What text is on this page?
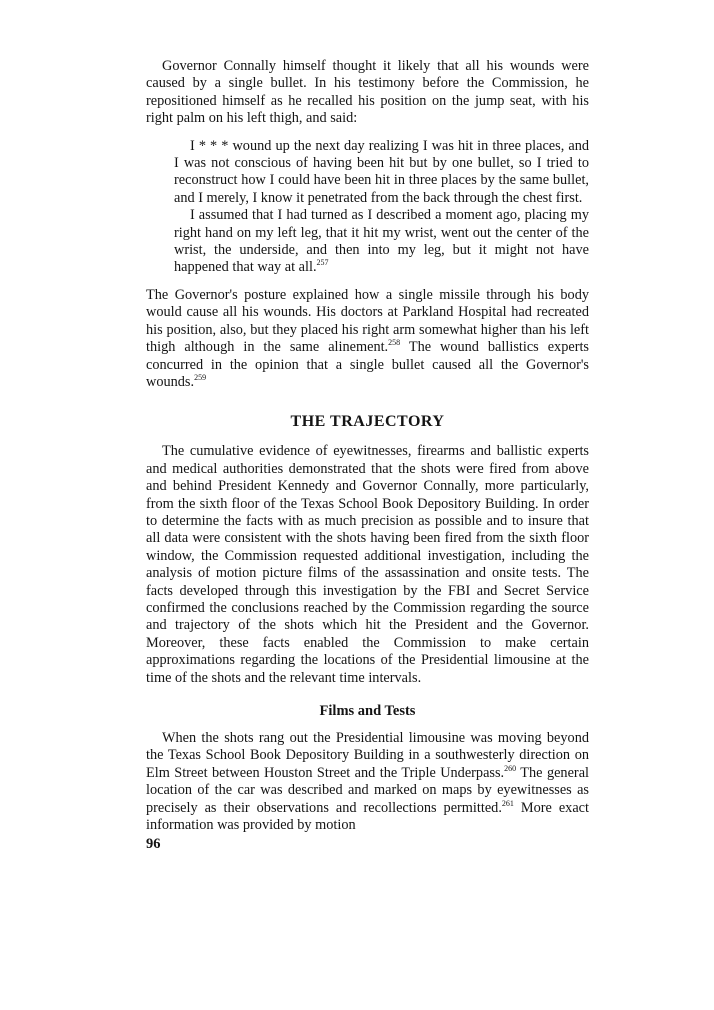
Governor Connally himself thought it likely that all his wounds were caused by a single bullet. In his testimony before the Commission, he repositioned himself as he recalled his position on the jump seat, with his right palm on his left thigh, and said:

I * * * wound up the next day realizing I was hit in three places, and I was not conscious of having been hit but by one bullet, so I tried to reconstruct how I could have been hit in three places by the same bullet, and I merely, I know it penetrated from the back through the chest first.

I assumed that I had turned as I described a moment ago, placing my right hand on my left leg, that it hit my wrist, went out the center of the wrist, the underside, and then into my leg, but it might not have happened that way at all.$^{257}$

The Governor's posture explained how a single missile through his body would cause all his wounds. His doctors at Parkland Hospital had recreated his position, also, but they placed his right arm somewhat higher than his left thigh although in the same alinement.$^{258}$ The wound ballistics experts concurred in the opinion that a single bullet caused all the Governor's wounds.$^{259}$

THE TRAJECTORY

The cumulative evidence of eyewitnesses, firearms and ballistic experts and medical authorities demonstrated that the shots were fired from above and behind President Kennedy and Governor Connally, more particularly, from the sixth floor of the Texas School Book Depository Building. In order to determine the facts with as much precision as possible and to insure that all data were consistent with the shots having been fired from the sixth floor window, the Commission requested additional investigation, including the analysis of motion picture films of the assassination and onsite tests. The facts developed through this investigation by the FBI and Secret Service confirmed the conclusions reached by the Commission regarding the source and trajectory of the shots which hit the President and the Governor. Moreover, these facts enabled the Commission to make certain approximations regarding the locations of the Presidential limousine at the time of the shots and the relevant time intervals.

Films and Tests

When the shots rang out the Presidential limousine was moving beyond the Texas School Book Depository Building in a southwesterly direction on Elm Street between Houston Street and the Triple Underpass.$^{260}$ The general location of the car was described and marked on maps by eyewitnesses as precisely as their observations and recollections permitted.$^{261}$ More exact information was provided by motion

96
